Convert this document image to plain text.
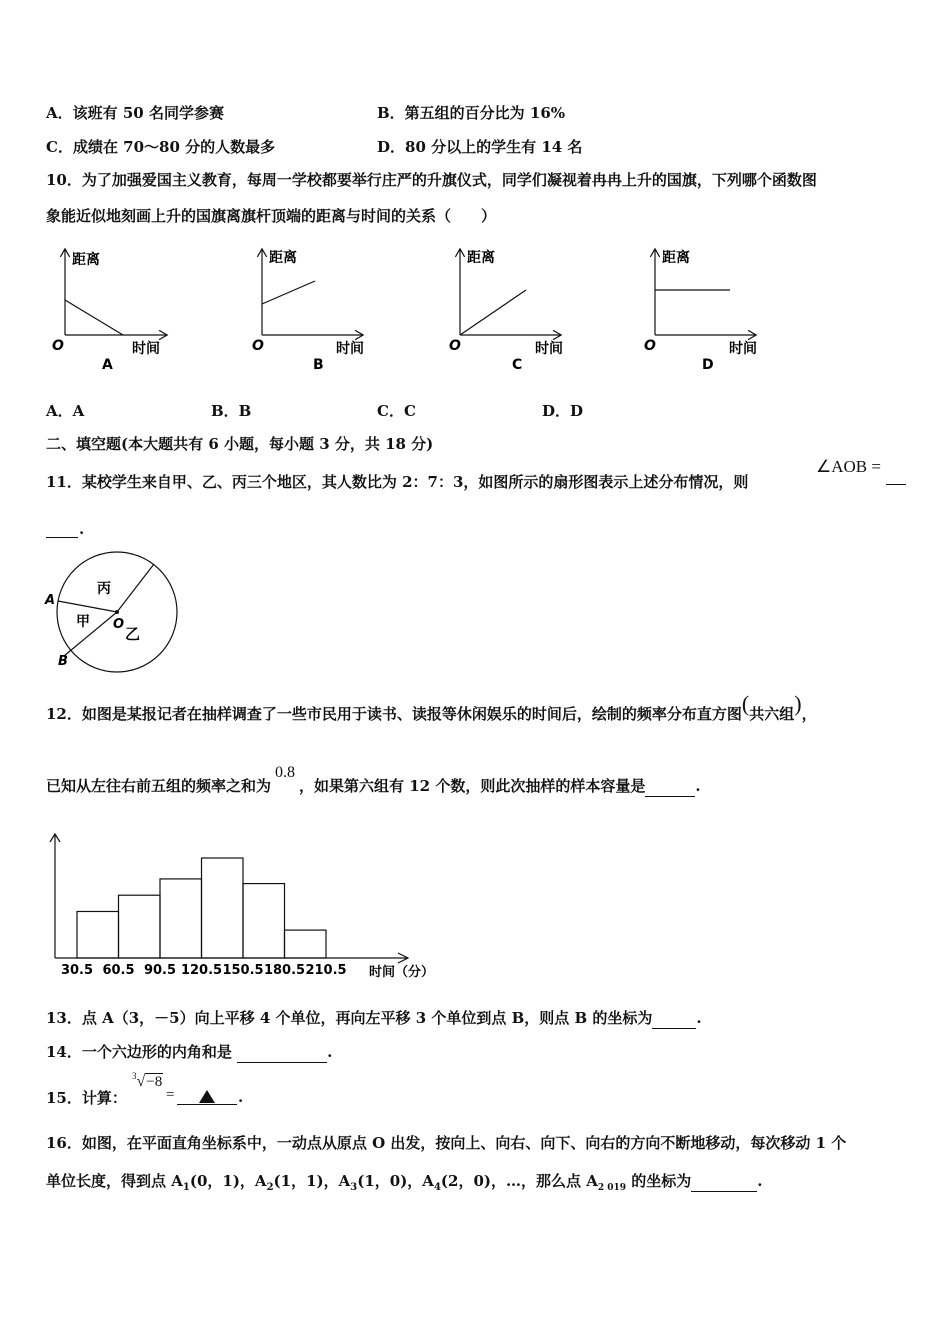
A．该班有 50 名同学参赛	B．第五组的百分比为 16%
C．成绩在 70～80 分的人数最多	D．80 分以上的学生有 14 名
10．为了加强爱国主义教育，每周一学校都要举行庄严的升旗仪式，同学们凝视着冉冉上升的国旗，下列哪个函数图
象能近似地刻画上升的国旗离旗杆顶端的距离与时间的关系（　　）
距离
时间
O
A
距离
时间
O
B
距离
时间
O
C
距离
时间
O
D
A．A	B．B	C．C	D．D
二、填空题(本大题共有 6 小题，每小题 3 分，共 18 分)
11．某校学生来自甲、乙、丙三个地区，其人数比为 2：7：3，如图所示的扇形图表示上述分布情况，则
∠AOB =
.
A
B
O
甲
乙
丙
12．如图是某报记者在抽样调查了一些市民用于读书、读报等休闲娱乐的时间后，绘制的频率分布直方图(共六组)，
已知从左往右前五组的频率之和为0.8，如果第六组有 12 个数，则此次抽样的样本容量是	.
30.5 60.5 90.5 120.5 150.5 180.5 210.5 时间（分）
13．点 A（3，－5）向上平移 4 个单位，再向左平移 3 个单位到点 B，则点 B 的坐标为	.
14．一个六边形的内角和是	.
15．计算：
$^3$√−8
=	.
16．如图，在平面直角坐标系中，一动点从原点 O 出发，按向上、向右、向下、向右的方向不断地移动，每次移动 1 个
单位长度，得到点 $A_1(0$，1)，$A_2(1$，1)，$A_3(1$，0)，$A_4(2$，0)，…，那么点 $A_{2 019}$ 的坐标为	.
